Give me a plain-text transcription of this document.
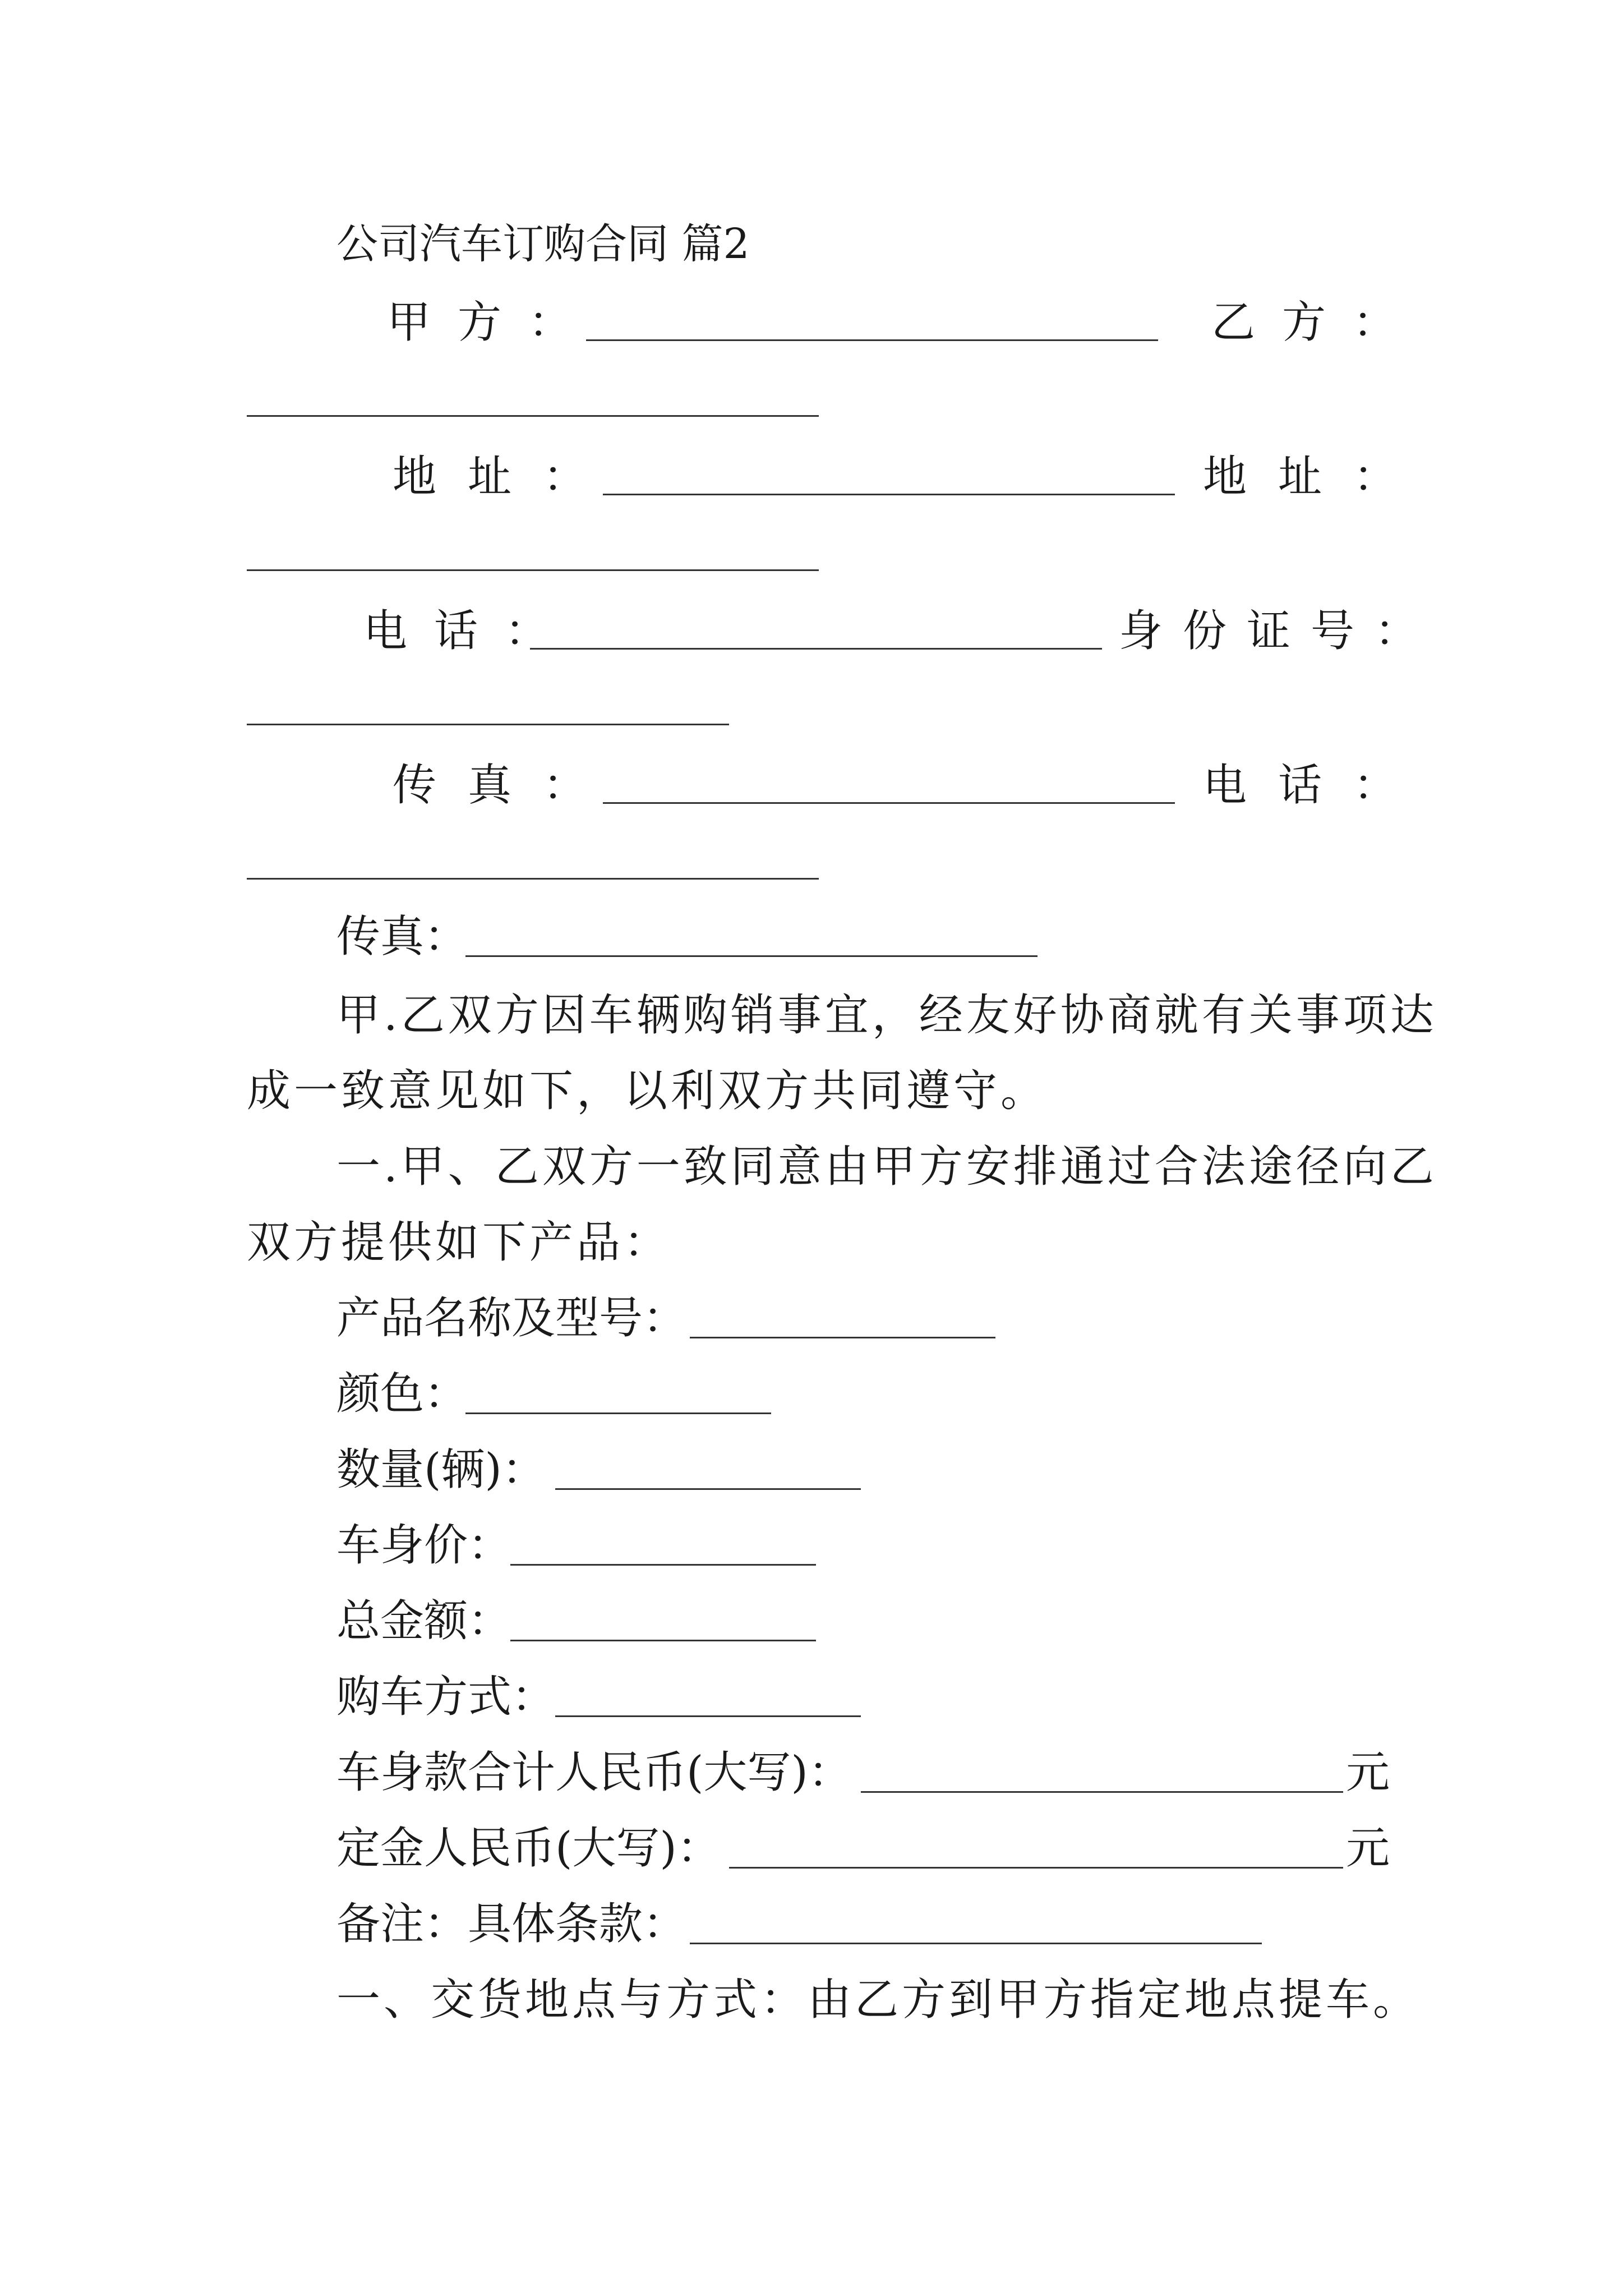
公司汽车订购合同 篇2
甲方：	乙方：
地址：	地址：
电话：	身份证号：
传真：	电话：
传真：
甲.乙双方因车辆购销事宜，经友好协商就有关事项达
成一致意见如下，以利双方共同遵守。
一.甲、乙双方一致同意由甲方安排通过合法途径向乙
双方提供如下产品：
产品名称及型号：
颜色：
数量(辆)：
车身价：
总金额：
购车方式：
车身款合计人民币(大写)：	元
定金人民币(大写)：	元
备注：具体条款：
一、交货地点与方式：由乙方到甲方指定地点提车。
